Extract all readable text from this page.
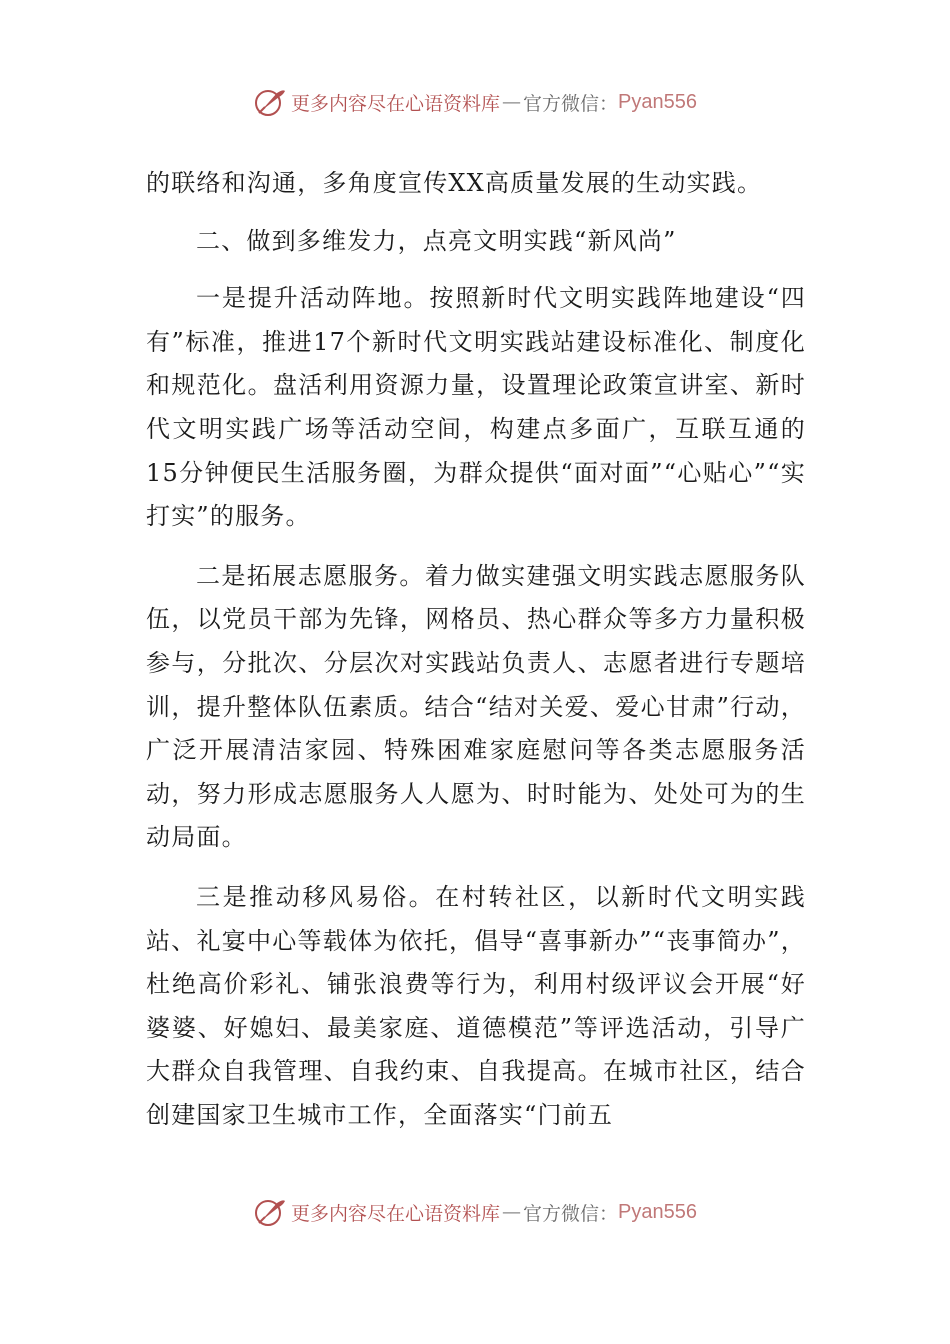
更多内容尽在心语资料库 — 官方微信： Pyan556

的联络和沟通，多角度宣传XX高质量发展的生动实践。

二、做到多维发力，点亮文明实践“新风尚”

一是提升活动阵地。按照新时代文明实践阵地建设“四有”标准，推进17个新时代文明实践站建设标准化、制度化和规范化。盘活利用资源力量，设置理论政策宣讲室、新时代文明实践广场等活动空间，构建点多面广，互联互通的15分钟便民生活服务圈，为群众提供“面对面”“心贴心”“实打实”的服务。

二是拓展志愿服务。着力做实建强文明实践志愿服务队伍，以党员干部为先锋，网格员、热心群众等多方力量积极参与，分批次、分层次对实践站负责人、志愿者进行专题培训，提升整体队伍素质。结合“结对关爱、爱心甘肃”行动，广泛开展清洁家园、特殊困难家庭慰问等各类志愿服务活动，努力形成志愿服务人人愿为、时时能为、处处可为的生动局面。

三是推动移风易俗。在村转社区，以新时代文明实践站、礼宴中心等载体为依托，倡导“喜事新办”“丧事简办”，杜绝高价彩礼、铺张浪费等行为，利用村级评议会开展“好婆婆、好媳妇、最美家庭、道德模范”等评选活动，引导广大群众自我管理、自我约束、自我提高。在城市社区，结合创建国家卫生城市工作，全面落实“门前五

更多内容尽在心语资料库 — 官方微信： Pyan556
